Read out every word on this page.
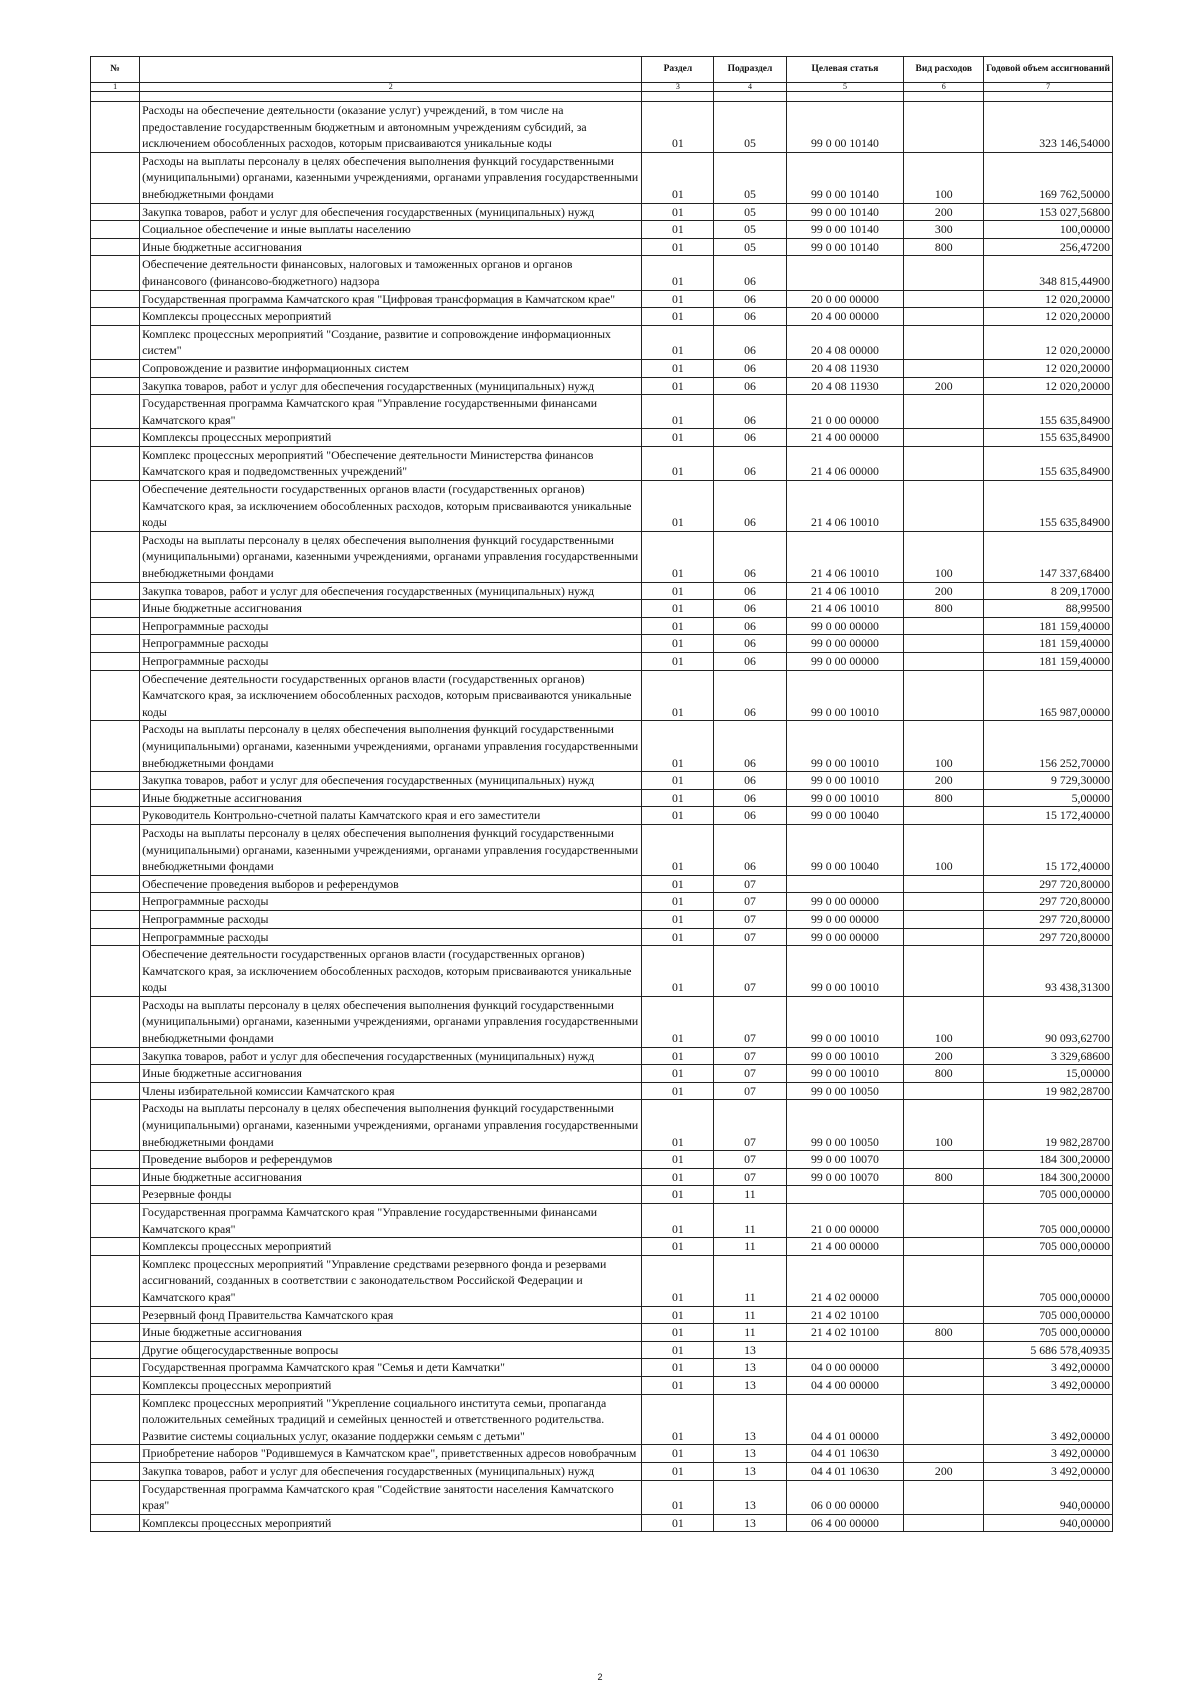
№		Раздел	Подраздел	Целевая статья	Вид расходов	Годовой объем ассигнований
1	2	3	4	5	6	7

	Расходы на обеспечение деятельности (оказание услуг) учреждений, в том числе на предоставление государственным бюджетным и автономным учреждениям субсидий, за исключением обособленных расходов, которым присваиваются уникальные коды	01	05	99 0 00 10140		323 146,54000
	Расходы на выплаты персоналу в целях обеспечения выполнения функций государственными (муниципальными) органами, казенными учреждениями, органами управления государственными внебюджетными фондами	01	05	99 0 00 10140	100	169 762,50000
	Закупка товаров, работ и услуг для обеспечения государственных (муниципальных) нужд	01	05	99 0 00 10140	200	153 027,56800
	Социальное обеспечение и иные выплаты населению	01	05	99 0 00 10140	300	100,00000
	Иные бюджетные ассигнования	01	05	99 0 00 10140	800	256,47200
	Обеспечение деятельности финансовых, налоговых и таможенных органов и органов финансового (финансово-бюджетного) надзора	01	06			348 815,44900
	Государственная программа Камчатского края "Цифровая трансформация в Камчатском крае"	01	06	20 0 00 00000		12 020,20000
	Комплексы процессных мероприятий	01	06	20 4 00 00000		12 020,20000
	Комплекс процессных мероприятий "Создание, развитие и сопровождение информационных систем"	01	06	20 4 08 00000		12 020,20000
	Сопровождение и развитие информационных систем	01	06	20 4 08 11930		12 020,20000
	Закупка товаров, работ и услуг для обеспечения государственных (муниципальных) нужд	01	06	20 4 08 11930	200	12 020,20000
	Государственная программа Камчатского края "Управление государственными финансами Камчатского края"	01	06	21 0 00 00000		155 635,84900
	Комплексы процессных мероприятий	01	06	21 4 00 00000		155 635,84900
	Комплекс процессных мероприятий "Обеспечение деятельности Министерства финансов Камчатского края и подведомственных учреждений"	01	06	21 4 06 00000		155 635,84900
	Обеспечение деятельности государственных органов власти (государственных органов) Камчатского края, за исключением обособленных расходов, которым присваиваются уникальные коды	01	06	21 4 06 10010		155 635,84900
	Расходы на выплаты персоналу в целях обеспечения выполнения функций государственными (муниципальными) органами, казенными учреждениями, органами управления государственными внебюджетными фондами	01	06	21 4 06 10010	100	147 337,68400
	Закупка товаров, работ и услуг для обеспечения государственных (муниципальных) нужд	01	06	21 4 06 10010	200	8 209,17000
	Иные бюджетные ассигнования	01	06	21 4 06 10010	800	88,99500
	Непрограммные расходы	01	06	99 0 00 00000		181 159,40000
	Непрограммные расходы	01	06	99 0 00 00000		181 159,40000
	Непрограммные расходы	01	06	99 0 00 00000		181 159,40000
	Обеспечение деятельности государственных органов власти (государственных органов) Камчатского края, за исключением обособленных расходов, которым присваиваются уникальные коды	01	06	99 0 00 10010		165 987,00000
	Расходы на выплаты персоналу в целях обеспечения выполнения функций государственными (муниципальными) органами, казенными учреждениями, органами управления государственными внебюджетными фондами	01	06	99 0 00 10010	100	156 252,70000
	Закупка товаров, работ и услуг для обеспечения государственных (муниципальных) нужд	01	06	99 0 00 10010	200	9 729,30000
	Иные бюджетные ассигнования	01	06	99 0 00 10010	800	5,00000
	Руководитель Контрольно-счетной палаты Камчатского края и его заместители	01	06	99 0 00 10040		15 172,40000
	Расходы на выплаты персоналу в целях обеспечения выполнения функций государственными (муниципальными) органами, казенными учреждениями, органами управления государственными внебюджетными фондами	01	06	99 0 00 10040	100	15 172,40000
	Обеспечение проведения выборов и референдумов	01	07			297 720,80000
	Непрограммные расходы	01	07	99 0 00 00000		297 720,80000
	Непрограммные расходы	01	07	99 0 00 00000		297 720,80000
	Непрограммные расходы	01	07	99 0 00 00000		297 720,80000
	Обеспечение деятельности государственных органов власти (государственных органов) Камчатского края, за исключением обособленных расходов, которым присваиваются уникальные коды	01	07	99 0 00 10010		93 438,31300
	Расходы на выплаты персоналу в целях обеспечения выполнения функций государственными (муниципальными) органами, казенными учреждениями, органами управления государственными внебюджетными фондами	01	07	99 0 00 10010	100	90 093,62700
	Закупка товаров, работ и услуг для обеспечения государственных (муниципальных) нужд	01	07	99 0 00 10010	200	3 329,68600
	Иные бюджетные ассигнования	01	07	99 0 00 10010	800	15,00000
	Члены избирательной комиссии Камчатского края	01	07	99 0 00 10050		19 982,28700
	Расходы на выплаты персоналу в целях обеспечения выполнения функций государственными (муниципальными) органами, казенными учреждениями, органами управления государственными внебюджетными фондами	01	07	99 0 00 10050	100	19 982,28700
	Проведение выборов и референдумов	01	07	99 0 00 10070		184 300,20000
	Иные бюджетные ассигнования	01	07	99 0 00 10070	800	184 300,20000
	Резервные фонды	01	11			705 000,00000
	Государственная программа Камчатского края "Управление государственными финансами Камчатского края"	01	11	21 0 00 00000		705 000,00000
	Комплексы процессных мероприятий	01	11	21 4 00 00000		705 000,00000
	Комплекс процессных мероприятий "Управление средствами резервного фонда и резервами ассигнований, созданных в соответствии с законодательством Российской Федерации и Камчатского края"	01	11	21 4 02 00000		705 000,00000
	Резервный фонд Правительства Камчатского края	01	11	21 4 02 10100		705 000,00000
	Иные бюджетные ассигнования	01	11	21 4 02 10100	800	705 000,00000
	Другие общегосударственные вопросы	01	13			5 686 578,40935
	Государственная программа Камчатского края "Семья и дети Камчатки"	01	13	04 0 00 00000		3 492,00000
	Комплексы процессных мероприятий	01	13	04 4 00 00000		3 492,00000
	Комплекс процессных мероприятий "Укрепление социального института семьи, пропаганда положительных семейных традиций и семейных ценностей и ответственного родительства. Развитие системы социальных услуг, оказание поддержки семьям с детьми"	01	13	04 4 01 00000		3 492,00000
	Приобретение наборов "Родившемуся в Камчатском крае", приветственных адресов новобрачным	01	13	04 4 01 10630		3 492,00000
	Закупка товаров, работ и услуг для обеспечения государственных (муниципальных) нужд	01	13	04 4 01 10630	200	3 492,00000
	Государственная программа Камчатского края "Содействие занятости населения Камчатского края"	01	13	06 0 00 00000		940,00000
	Комплексы процессных мероприятий	01	13	06 4 00 00000		940,00000
2
